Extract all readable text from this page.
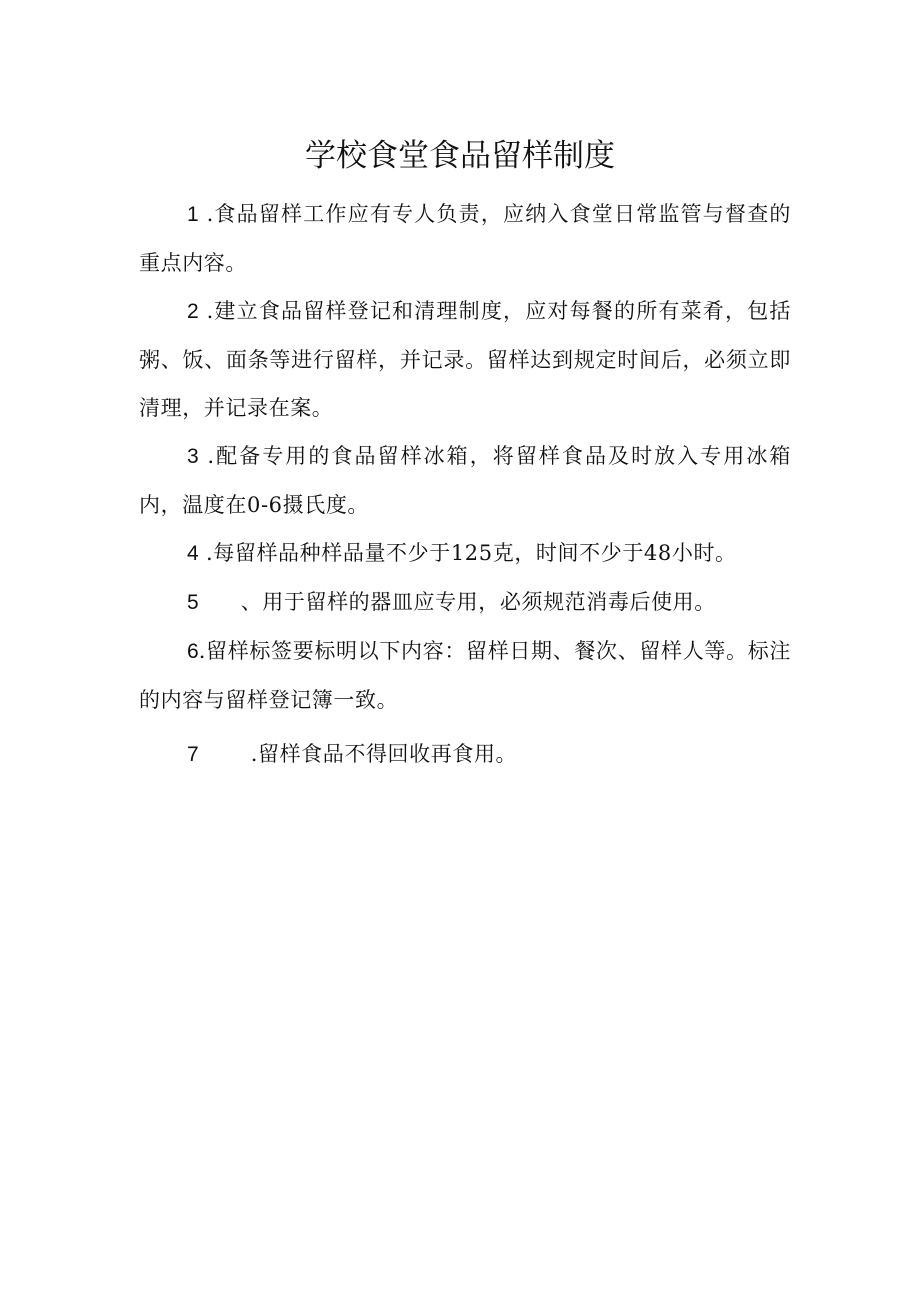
学校食堂食品留样制度

1 .食品留样工作应有专人负责，应纳入食堂日常监管与督查的重点内容。

2 .建立食品留样登记和清理制度，应对每餐的所有菜肴，包括粥、饭、面条等进行留样，并记录。留样达到规定时间后，必须立即清理，并记录在案。

3 .配备专用的食品留样冰箱，将留样食品及时放入专用冰箱内，温度在0-6摄氏度。

4 .每留样品种样品量不少于125克，时间不少于48小时。

5 、用于留样的器皿应专用，必须规范消毒后使用。

6.留样标签要标明以下内容：留样日期、餐次、留样人等。标注的内容与留样登记簿一致。

7 .留样食品不得回收再食用。
